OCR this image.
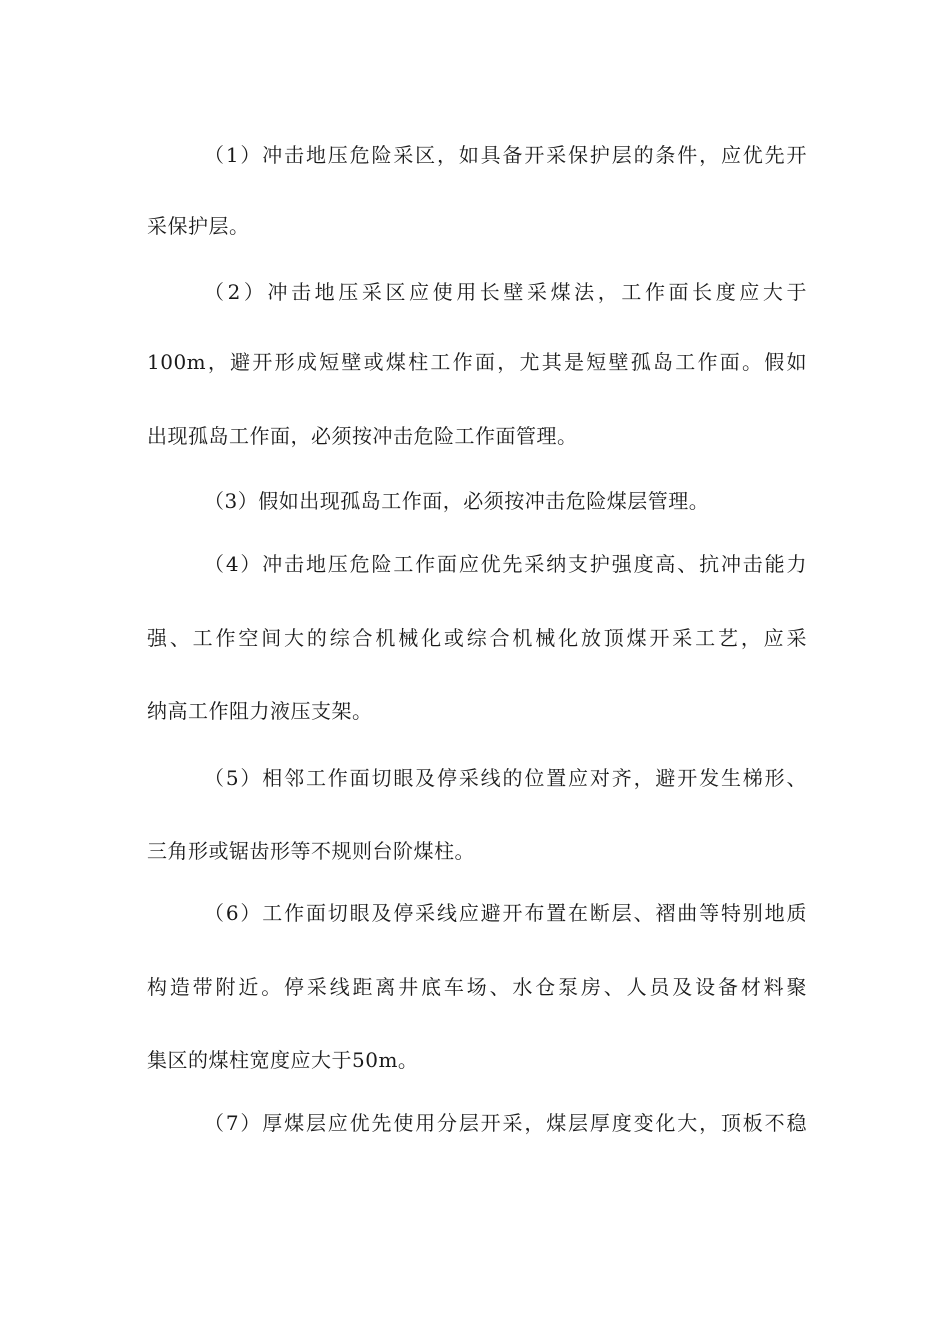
（1）冲击地压危险采区，如具备开采保护层的条件，应优先开
采保护层。
（2）冲击地压采区应使用长壁采煤法，工作面长度应大于
100m，避开形成短壁或煤柱工作面，尤其是短壁孤岛工作面。假如
出现孤岛工作面，必须按冲击危险工作面管理。
（3）假如出现孤岛工作面，必须按冲击危险煤层管理。
（4）冲击地压危险工作面应优先采纳支护强度高、抗冲击能力
强、工作空间大的综合机械化或综合机械化放顶煤开采工艺，应采
纳高工作阻力液压支架。
（5）相邻工作面切眼及停采线的位置应对齐，避开发生梯形、
三角形或锯齿形等不规则台阶煤柱。
（6）工作面切眼及停采线应避开布置在断层、褶曲等特别地质
构造带附近。停采线距离井底车场、水仓泵房、人员及设备材料聚
集区的煤柱宽度应大于50m。
（7）厚煤层应优先使用分层开采，煤层厚度变化大，顶板不稳
